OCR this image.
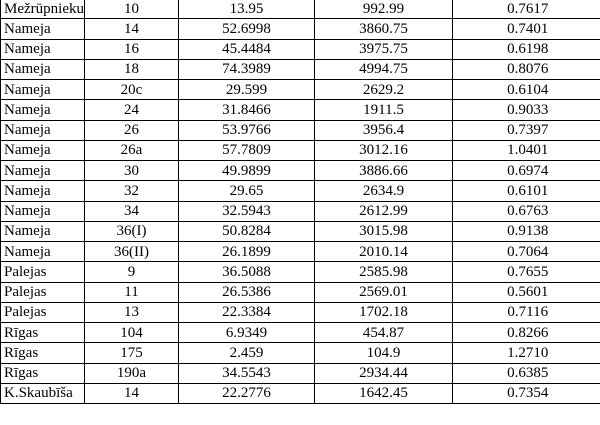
Mežrūpnieku	10	13.95	992.99	0.7617
Nameja	14	52.6998	3860.75	0.7401
Nameja	16	45.4484	3975.75	0.6198
Nameja	18	74.3989	4994.75	0.8076
Nameja	20c	29.599	2629.2	0.6104
Nameja	24	31.8466	1911.5	0.9033
Nameja	26	53.9766	3956.4	0.7397
Nameja	26a	57.7809	3012.16	1.0401
Nameja	30	49.9899	3886.66	0.6974
Nameja	32	29.65	2634.9	0.6101
Nameja	34	32.5943	2612.99	0.6763
Nameja	36(I)	50.8284	3015.98	0.9138
Nameja	36(II)	26.1899	2010.14	0.7064
Palejas	9	36.5088	2585.98	0.7655
Palejas	11	26.5386	2569.01	0.5601
Palejas	13	22.3384	1702.18	0.7116
Rīgas	104	6.9349	454.87	0.8266
Rīgas	175	2.459	104.9	1.2710
Rīgas	190a	34.5543	2934.44	0.6385
K.Skaubīša	14	22.2776	1642.45	0.7354
